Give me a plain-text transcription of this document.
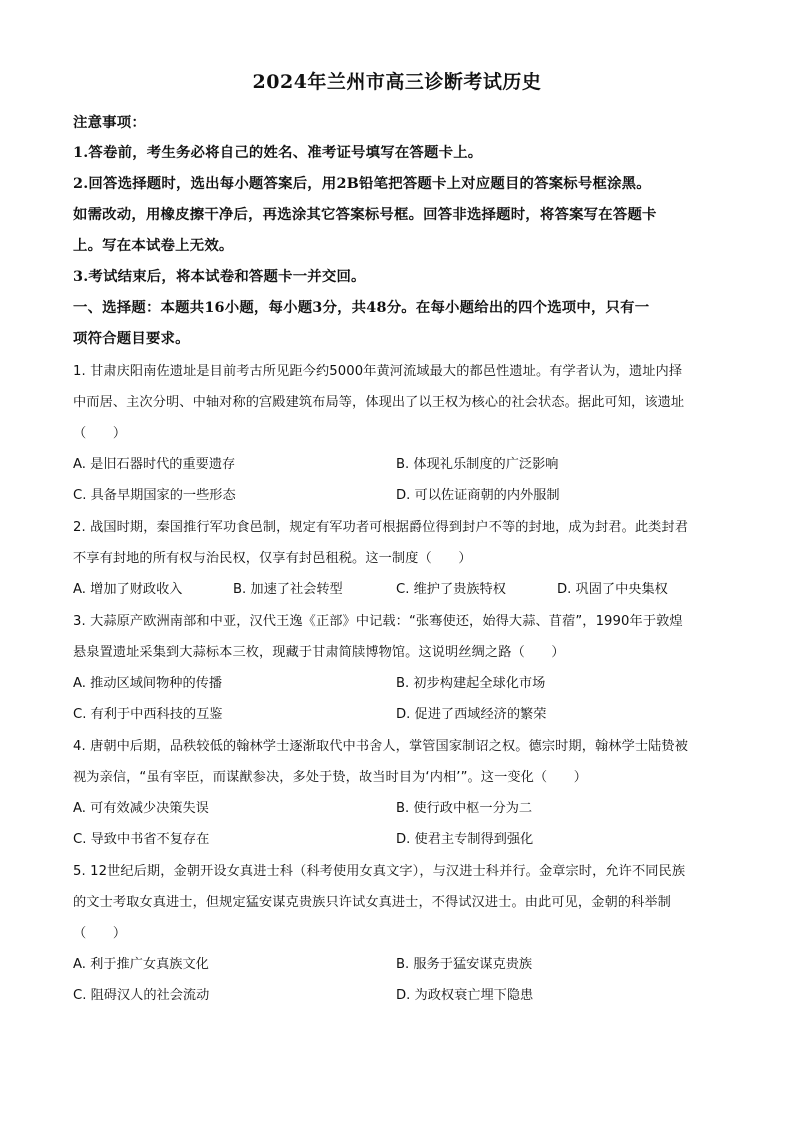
2024年兰州市高三诊断考试历史
注意事项：
1.答卷前，考生务必将自己的姓名、准考证号填写在答题卡上。
2.回答选择题时，选出每小题答案后，用2B铅笔把答题卡上对应题目的答案标号框涂黑。
如需改动，用橡皮擦干净后，再选涂其它答案标号框。回答非选择题时，将答案写在答题卡
上。写在本试卷上无效。
3.考试结束后，将本试卷和答题卡一并交回。
一、选择题：本题共16小题，每小题3分，共48分。在每小题给出的四个选项中，只有一
项符合题目要求。
1. 甘肃庆阳南佐遗址是目前考古所见距今约5000年黄河流域最大的都邑性遗址。有学者认为，遗址内择
中而居、主次分明、中轴对称的宫殿建筑布局等，体现出了以王权为核心的社会状态。据此可知，该遗址
（　　）
A. 是旧石器时代的重要遗存	B. 体现礼乐制度的广泛影响
C. 具备早期国家的一些形态	D. 可以佐证商朝的内外服制
2. 战国时期，秦国推行军功食邑制，规定有军功者可根据爵位得到封户不等的封地，成为封君。此类封君
不享有封地的所有权与治民权，仅享有封邑租税。这一制度（　　）
A. 增加了财政收入	B. 加速了社会转型	C. 维护了贵族特权	D. 巩固了中央集权
3. 大蒜原产欧洲南部和中亚，汉代王逸《正部》中记载：“张骞使还，始得大蒜、苜蓿”，1990年于敦煌
悬泉置遗址采集到大蒜标本三枚，现藏于甘肃简牍博物馆。这说明丝绸之路（　　）
A. 推动区域间物种的传播	B. 初步构建起全球化市场
C. 有利于中西科技的互鉴	D. 促进了西域经济的繁荣
4. 唐朝中后期，品秩较低的翰林学士逐渐取代中书舍人，掌管国家制诏之权。德宗时期，翰林学士陆贽被
视为亲信，“虽有宰臣，而谋猷参决，多处于贽，故当时目为‘内相’”。这一变化（　　）
A. 可有效减少决策失误	B. 使行政中枢一分为二
C. 导致中书省不复存在	D. 使君主专制得到强化
5. 12世纪后期，金朝开设女真进士科（科考使用女真文字），与汉进士科并行。金章宗时，允许不同民族
的文士考取女真进士，但规定猛安谋克贵族只许试女真进士，不得试汉进士。由此可见，金朝的科举制
（　　）
A. 利于推广女真族文化	B. 服务于猛安谋克贵族
C. 阻碍汉人的社会流动	D. 为政权衰亡埋下隐患
